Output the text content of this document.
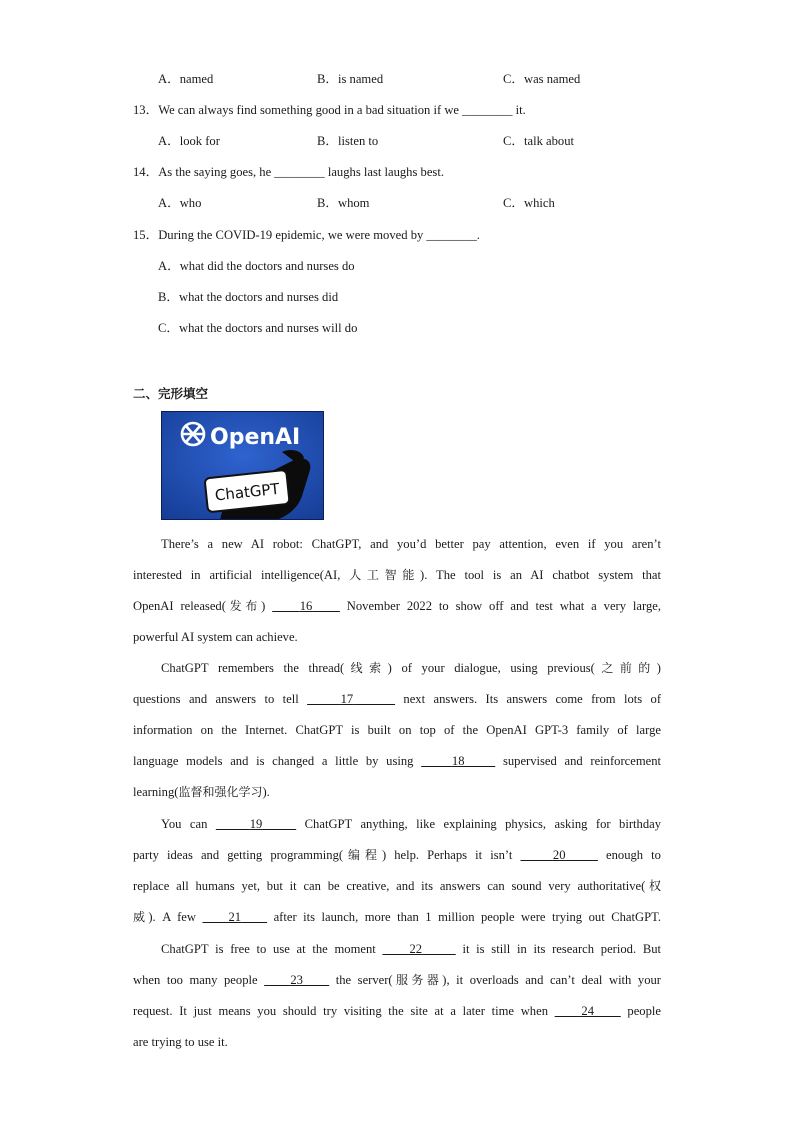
A．named	B．is named	C．was named
13．We can always find something good in a bad situation if we ________ it.
A．look for	B．listen to	C．talk about
14．As the saying goes, he ________ laughs last laughs best.
A．who	B．whom	C．which
15．During the COVID-19 epidemic, we were moved by ________.
A．what did the doctors and nurses do
B．what the doctors and nurses did
C．what the doctors and nurses will do
二、完形填空
OpenAI
ChatGPT
There’s a new AI robot: ChatGPT, and you’d better pay attention, even if you aren’t
interested in artificial intelligence(AI, 人工智能). The tool is an AI chatbot system that
OpenAI released(发布)     16     November 2022 to show off and test what a very large,
powerful AI system can achieve.
ChatGPT remembers the thread(线索) of your dialogue, using previous(之前的)
questions and answers to tell	17	next answers. Its answers come from lots of
information on the Internet. ChatGPT is built on top of the OpenAI GPT-3 family of large
language models and is changed a little by using     18     supervised and reinforcement
learning(监督和强化学习).
You can	19	ChatGPT anything, like explaining physics, asking for birthday
party ideas and getting programming(编程) help. Perhaps it isn’t	20	enough to
replace all humans yet, but it can be creative, and its answers can sound very authoritative(权
威). A few     21     after its launch, more than 1 million people were trying out ChatGPT.
ChatGPT is free to use at the moment     22	it is still in its research period. But
when too many people     23     the server(服务器), it overloads and can’t deal with your
request. It just means you should try visiting the site at a later time when     24     people
are trying to use it.
